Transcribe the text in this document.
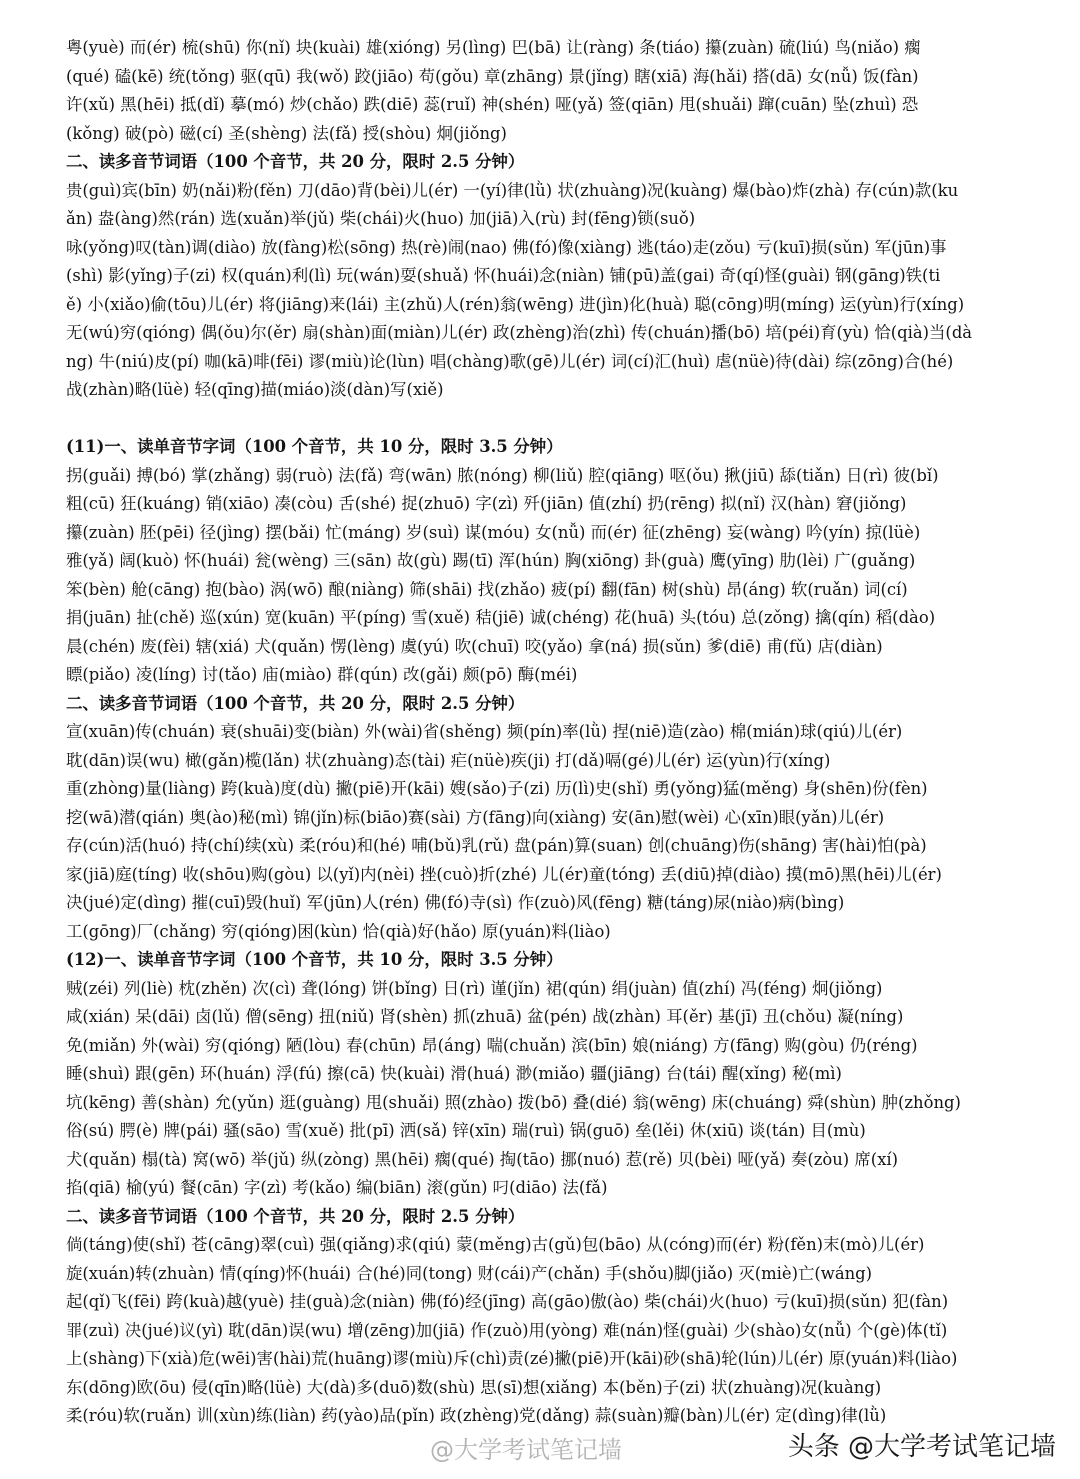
粤(yuè) 而(ér) 梳(shū) 你(nǐ) 块(kuài) 雄(xióng) 另(lìng) 巴(bā) 让(ràng) 条(tiáo) 攥(zuàn) 硫(liú) 鸟(niǎo) 瘸
(qué) 磕(kē) 统(tǒng) 驱(qū) 我(wǒ) 跤(jiāo) 苟(gǒu) 章(zhāng) 景(jǐng) 瞎(xiā) 海(hǎi) 搭(dā) 女(nǚ) 饭(fàn)
许(xǔ) 黑(hēi) 抵(dǐ) 摹(mó) 炒(chǎo) 跌(diē) 蕊(ruǐ) 神(shén) 哑(yǎ) 签(qiān) 甩(shuǎi) 蹿(cuān) 坠(zhuì) 恐
(kǒng) 破(pò) 磁(cí) 圣(shèng) 法(fǎ) 授(shòu) 炯(jiǒng)
二、读多音节词语（100 个音节，共 20 分，限时 2.5 分钟）
贵(guì)宾(bīn) 奶(nǎi)粉(fěn) 刀(dāo)背(bèi)儿(ér) 一(yí)律(lǜ) 状(zhuàng)况(kuàng) 爆(bào)炸(zhà) 存(cún)款(ku
ǎn) 盎(àng)然(rán) 选(xuǎn)举(jǔ) 柴(chái)火(huo) 加(jiā)入(rù) 封(fēng)锁(suǒ)
咏(yǒng)叹(tàn)调(diào) 放(fàng)松(sōng) 热(rè)闹(nao) 佛(fó)像(xiàng) 逃(táo)走(zǒu) 亏(kuī)损(sǔn) 军(jūn)事
(shì) 影(yǐng)子(zi) 权(quán)利(lì) 玩(wán)耍(shuǎ) 怀(huái)念(niàn) 铺(pū)盖(gai) 奇(qí)怪(guài) 钢(gāng)铁(ti
ě) 小(xiǎo)偷(tōu)儿(ér) 将(jiāng)来(lái) 主(zhǔ)人(rén)翁(wēng) 进(jìn)化(huà) 聪(cōng)明(míng) 运(yùn)行(xíng)
无(wú)穷(qióng) 偶(ǒu)尔(ěr) 扇(shàn)面(miàn)儿(ér) 政(zhèng)治(zhì) 传(chuán)播(bō) 培(péi)育(yù) 恰(qià)当(dà
ng) 牛(niú)皮(pí) 咖(kā)啡(fēi) 谬(miù)论(lùn) 唱(chàng)歌(gē)儿(ér) 词(cí)汇(huì) 虐(nüè)待(dài) 综(zōng)合(hé)
战(zhàn)略(lüè) 轻(qīng)描(miáo)淡(dàn)写(xiě)
(11)一、读单音节字词（100 个音节，共 10 分，限时 3.5 分钟）
拐(guǎi) 搏(bó) 掌(zhǎng) 弱(ruò) 法(fǎ) 弯(wān) 脓(nóng) 柳(liǔ) 腔(qiāng) 呕(ǒu) 揪(jiū) 舔(tiǎn) 日(rì) 彼(bǐ)
粗(cū) 狂(kuáng) 销(xiāo) 凑(còu) 舌(shé) 捉(zhuō) 字(zì) 歼(jiān) 值(zhí) 扔(rēng) 拟(nǐ) 汉(hàn) 窘(jiǒng)
攥(zuàn) 胚(pēi) 径(jìng) 摆(bǎi) 忙(máng) 岁(suì) 谋(móu) 女(nǚ) 而(ér) 征(zhēng) 妄(wàng) 吟(yín) 掠(lüè)
雅(yǎ) 阔(kuò) 怀(huái) 瓮(wèng) 三(sān) 故(gù) 踢(tī) 浑(hún) 胸(xiōng) 卦(guà) 鹰(yīng) 肋(lèi) 广(guǎng)
笨(bèn) 舱(cāng) 抱(bào) 涡(wō) 酿(niàng) 筛(shāi) 找(zhǎo) 疲(pí) 翻(fān) 树(shù) 昂(áng) 软(ruǎn) 词(cí)
捐(juān) 扯(chě) 巡(xún) 宽(kuān) 平(píng) 雪(xuě) 秸(jiē) 诚(chéng) 花(huā) 头(tóu) 总(zǒng) 擒(qín) 稻(dào)
晨(chén) 废(fèi) 辖(xiá) 犬(quǎn) 愣(lèng) 虞(yú) 吹(chuī) 咬(yǎo) 拿(ná) 损(sǔn) 爹(diē) 甫(fǔ) 店(diàn)
瞟(piǎo) 凌(líng) 讨(tǎo) 庙(miào) 群(qún) 改(gǎi) 颇(pō) 酶(méi)
二、读多音节词语（100 个音节，共 20 分，限时 2.5 分钟）
宣(xuān)传(chuán) 衰(shuāi)变(biàn) 外(wài)省(shěng) 频(pín)率(lǜ) 捏(niē)造(zào) 棉(mián)球(qiú)儿(ér)
耽(dān)误(wu) 橄(gǎn)榄(lǎn) 状(zhuàng)态(tài) 疟(nüè)疾(ji) 打(dǎ)嗝(gé)儿(ér) 运(yùn)行(xíng)
重(zhòng)量(liàng) 跨(kuà)度(dù) 撇(piē)开(kāi) 嫂(sǎo)子(zi) 历(lì)史(shǐ) 勇(yǒng)猛(měng) 身(shēn)份(fèn)
挖(wā)潜(qián) 奥(ào)秘(mì) 锦(jǐn)标(biāo)赛(sài) 方(fāng)向(xiàng) 安(ān)慰(wèi) 心(xīn)眼(yǎn)儿(ér)
存(cún)活(huó) 持(chí)续(xù) 柔(róu)和(hé) 哺(bǔ)乳(rǔ) 盘(pán)算(suan) 创(chuāng)伤(shāng) 害(hài)怕(pà)
家(jiā)庭(tíng) 收(shōu)购(gòu) 以(yǐ)内(nèi) 挫(cuò)折(zhé) 儿(ér)童(tóng) 丢(diū)掉(diào) 摸(mō)黑(hēi)儿(ér)
决(jué)定(dìng) 摧(cuī)毁(huǐ) 军(jūn)人(rén) 佛(fó)寺(sì) 作(zuò)风(fēng) 糖(táng)尿(niào)病(bìng)
工(gōng)厂(chǎng) 穷(qióng)困(kùn) 恰(qià)好(hǎo) 原(yuán)料(liào)
(12)一、读单音节字词（100 个音节，共 10 分，限时 3.5 分钟）
贼(zéi) 列(liè) 枕(zhěn) 次(cì) 聋(lóng) 饼(bǐng) 日(rì) 谨(jǐn) 裙(qún) 绢(juàn) 值(zhí) 冯(féng) 炯(jiǒng)
咸(xián) 呆(dāi) 卤(lǔ) 僧(sēng) 扭(niǔ) 肾(shèn) 抓(zhuā) 盆(pén) 战(zhàn) 耳(ěr) 基(jī) 丑(chǒu) 凝(níng)
免(miǎn) 外(wài) 穷(qióng) 陋(lòu) 春(chūn) 昂(áng) 喘(chuǎn) 滨(bīn) 娘(niáng) 方(fāng) 购(gòu) 仍(réng)
睡(shuì) 跟(gēn) 环(huán) 浮(fú) 擦(cā) 快(kuài) 滑(huá) 渺(miǎo) 疆(jiāng) 台(tái) 醒(xǐng) 秘(mì)
坑(kēng) 善(shàn) 允(yǔn) 逛(guàng) 甩(shuǎi) 照(zhào) 拨(bō) 叠(dié) 翁(wēng) 床(chuáng) 舜(shùn) 肿(zhǒng)
俗(sú) 腭(è) 牌(pái) 骚(sāo) 雪(xuě) 批(pī) 洒(sǎ) 锌(xīn) 瑞(ruì) 锅(guō) 垒(lěi) 休(xiū) 谈(tán) 目(mù)
犬(quǎn) 榻(tà) 窝(wō) 举(jǔ) 纵(zòng) 黑(hēi) 瘸(qué) 掏(tāo) 挪(nuó) 惹(rě) 贝(bèi) 哑(yǎ) 奏(zòu) 席(xí)
掐(qiā) 榆(yú) 餐(cān) 字(zì) 考(kǎo) 编(biān) 滚(gǔn) 叼(diāo) 法(fǎ)
二、读多音节词语（100 个音节，共 20 分，限时 2.5 分钟）
倘(táng)使(shǐ) 苍(cāng)翠(cuì) 强(qiǎng)求(qiú) 蒙(měng)古(gǔ)包(bāo) 从(cóng)而(ér) 粉(fěn)末(mò)儿(ér)
旋(xuán)转(zhuàn) 情(qíng)怀(huái) 合(hé)同(tong) 财(cái)产(chǎn) 手(shǒu)脚(jiǎo) 灭(miè)亡(wáng)
起(qǐ)飞(fēi) 跨(kuà)越(yuè) 挂(guà)念(niàn) 佛(fó)经(jīng) 高(gāo)傲(ào) 柴(chái)火(huo) 亏(kuī)损(sǔn) 犯(fàn)
罪(zuì) 决(jué)议(yì) 耽(dān)误(wu) 增(zēng)加(jiā) 作(zuò)用(yòng) 难(nán)怪(guài) 少(shào)女(nǚ) 个(gè)体(tǐ)
上(shàng)下(xià)危(wēi)害(hài)荒(huāng)谬(miù)斥(chì)责(zé)撇(piē)开(kāi)砂(shā)轮(lún)儿(ér) 原(yuán)料(liào)
东(dōng)欧(ōu) 侵(qīn)略(lüè) 大(dà)多(duō)数(shù) 思(sī)想(xiǎng) 本(běn)子(zi) 状(zhuàng)况(kuàng)
柔(róu)软(ruǎn) 训(xùn)练(liàn) 药(yào)品(pǐn) 政(zhèng)党(dǎng) 蒜(suàn)瓣(bàn)儿(ér) 定(dìng)律(lǜ)
@大学考试笔记墙	头条 @大学考试笔记墙
